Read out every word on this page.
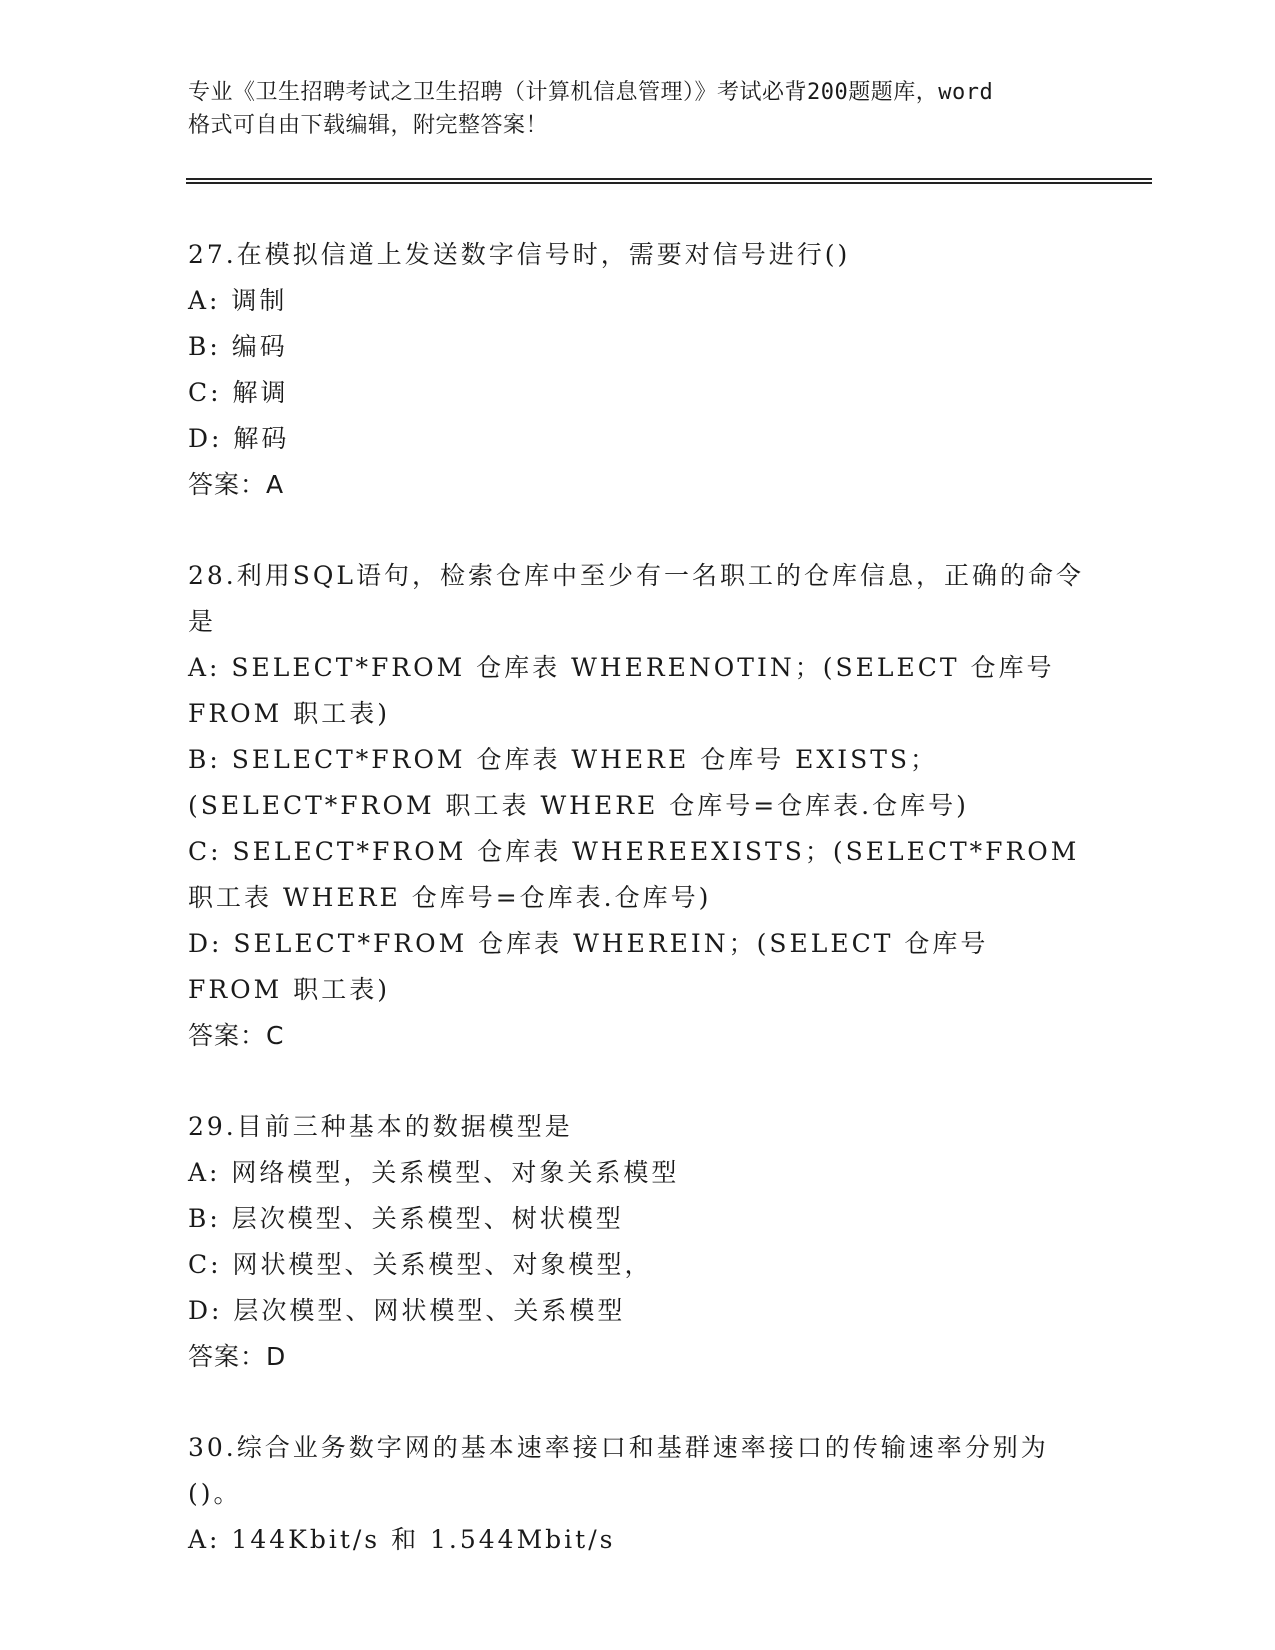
专业《卫生招聘考试之卫生招聘（计算机信息管理）》考试必背200题题库，word
格式可自由下载编辑，附完整答案！

27.在模拟信道上发送数字信号时，需要对信号进行()

A: 调制

B: 编码

C: 解调

D: 解码

答案：A

28.利用SQL语句，检索仓库中至少有一名职工的仓库信息，正确的命令是

A: SELECT*FROM 仓库表 WHERENOTIN；(SELECT 仓库号 FROM 职工表)

B: SELECT*FROM 仓库表 WHERE 仓库号 EXISTS；(SELECT*FROM 职工表 WHERE 仓库号=仓库表.仓库号)

C: SELECT*FROM 仓库表 WHEREEXISTS；(SELECT*FROM 职工表 WHERE 仓库号=仓库表.仓库号)

D: SELECT*FROM 仓库表 WHEREIN；(SELECT 仓库号 FROM 职工表)

答案：C

29.目前三种基本的数据模型是

A: 网络模型，关系模型、对象关系模型

B: 层次模型、关系模型、树状模型

C: 网状模型、关系模型、对象模型，

D: 层次模型、网状模型、关系模型

答案：D

30.综合业务数字网的基本速率接口和基群速率接口的传输速率分别为()。

A: 144Kbit/s 和 1.544Mbit/s
